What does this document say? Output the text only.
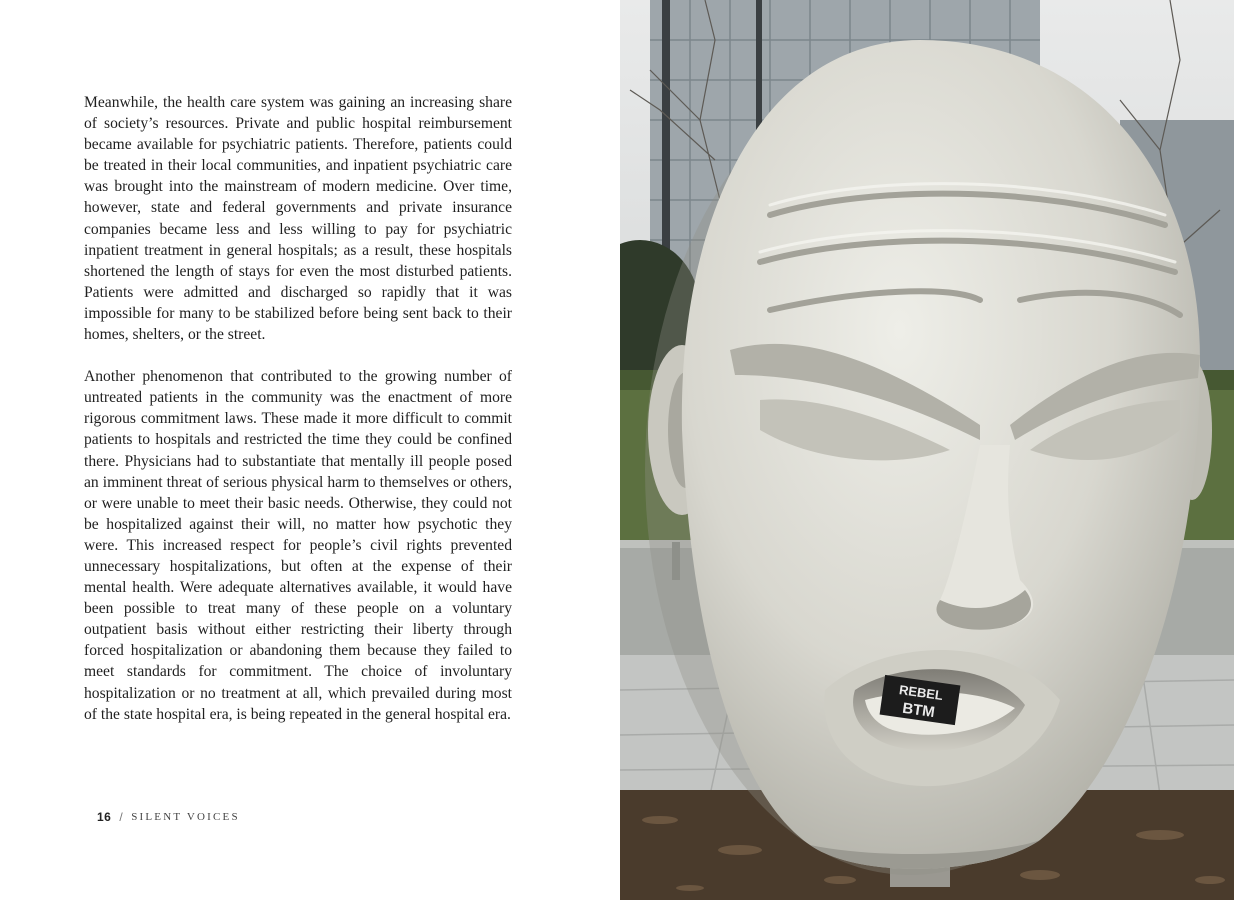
Meanwhile, the health care system was gaining an increasing share of society’s resources. Private and public hospital reimbursement became available for psychiatric patients. Therefore, patients could be treated in their local communities, and inpatient psychiatric care was brought into the mainstream of modern medicine. Over time, however, state and federal governments and private insurance companies became less and less willing to pay for psychiatric inpatient treatment in general hospitals; as a result, these hospitals shortened the length of stays for even the most disturbed patients. Patients were admitted and discharged so rapidly that it was impossible for many to be stabilized before being sent back to their homes, shelters, or the street.

Another phenomenon that contributed to the growing number of untreated patients in the community was the enactment of more rigorous commitment laws. These made it more difficult to commit patients to hospitals and restricted the time they could be confined there. Physicians had to substantiate that mentally ill people posed an imminent threat of serious physical harm to themselves or others, or were unable to meet their basic needs. Otherwise, they could not be hospitalized against their will, no matter how psychotic they were. This increased respect for people’s civil rights prevented unnecessary hospitalizations, but often at the expense of their mental health. Were adequate alternatives available, it would have been possible to treat many of these people on a voluntary outpatient basis without either restricting their liberty through forced hospitalization or abandoning them because they failed to meet standards for commitment. The choice of involuntary hospitalization or no treatment at all, which prevailed during most of the state hospital era, is being repeated in the general hospital era.

16 / SILENT VOICES
REBEL
BTM
